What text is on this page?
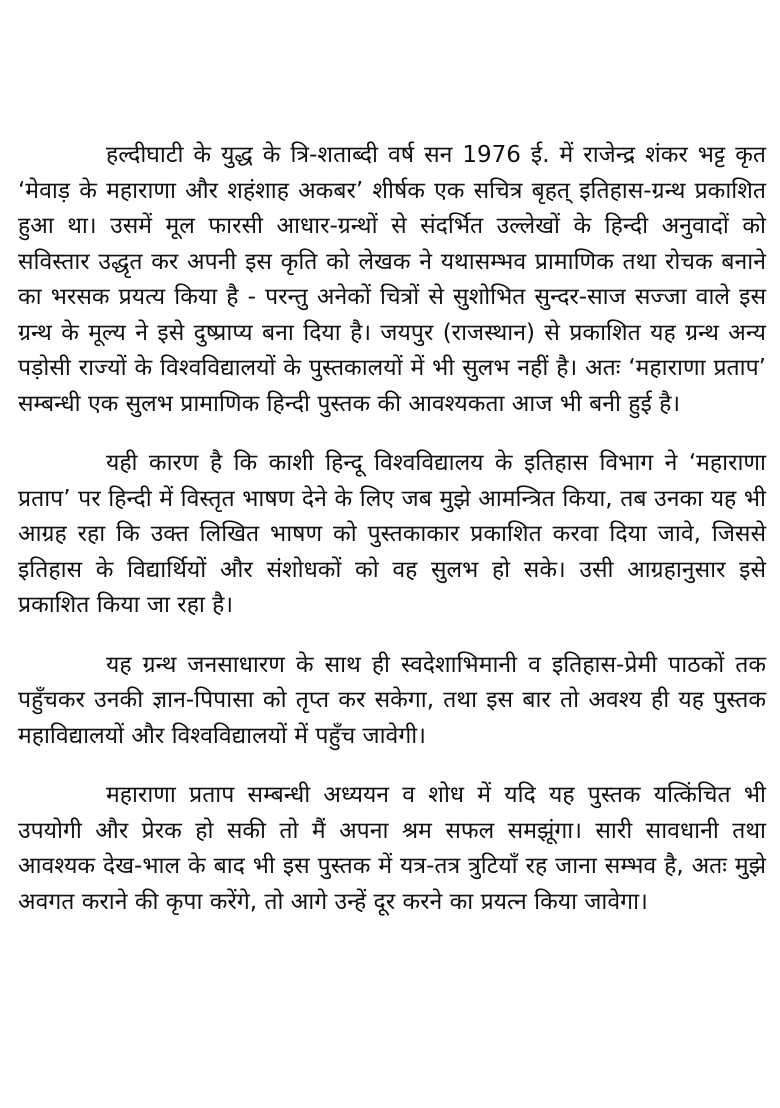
हल्दीघाटी के युद्ध के त्रि-शताब्दी वर्ष सन 1976 ई. में राजेन्द्र शंकर भट्ट कृत ‘मेवाड़ के महाराणा और शहंशाह अकबर’ शीर्षक एक सचित्र बृहत् इतिहास-ग्रन्थ प्रकाशित हुआ था। उसमें मूल फारसी आधार-ग्रन्थों से संदर्भित उल्लेखों के हिन्दी अनुवादों को सविस्तार उद्धृत कर अपनी इस कृति को लेखक ने यथासम्भव प्रामाणिक तथा रोचक बनाने का भरसक प्रयत्य किया है - परन्तु अनेकों चित्रों से सुशोभित सुन्दर-साज सज्जा वाले इस ग्रन्थ के मूल्य ने इसे दुष्प्राप्य बना दिया है। जयपुर (राजस्थान) से प्रकाशित यह ग्रन्थ अन्य पड़ोसी राज्यों के विश्वविद्यालयों के पुस्तकालयों में भी सुलभ नहीं है। अतः ‘महाराणा प्रताप’ सम्बन्धी एक सुलभ प्रामाणिक हिन्दी पुस्तक की आवश्यकता आज भी बनी हुई है।

यही कारण है कि काशी हिन्दू विश्वविद्यालय के इतिहास विभाग ने ‘महाराणा प्रताप’ पर हिन्दी में विस्तृत भाषण देने के लिए जब मुझे आमन्त्रित किया, तब उनका यह भी आग्रह रहा कि उक्त लिखित भाषण को पुस्तकाकार प्रकाशित करवा दिया जावे, जिससे इतिहास के विद्यार्थियों और संशोधकों को वह सुलभ हो सके। उसी आग्रहानुसार इसे प्रकाशित किया जा रहा है।

यह ग्रन्थ जनसाधारण के साथ ही स्वदेशाभिमानी व इतिहास-प्रेमी पाठकों तक पहुँचकर उनकी ज्ञान-पिपासा को तृप्त कर सकेगा, तथा इस बार तो अवश्य ही यह पुस्तक महाविद्यालयों और विश्वविद्यालयों में पहुँच जावेगी।

महाराणा प्रताप सम्बन्धी अध्ययन व शोध में यदि यह पुस्तक यत्किंचित भी उपयोगी और प्रेरक हो सकी तो मैं अपना श्रम सफल समझूंगा। सारी सावधानी तथा आवश्यक देख-भाल के बाद भी इस पुस्तक में यत्र-तत्र त्रुटियाँ रह जाना सम्भव है, अतः मुझे अवगत कराने की कृपा करेंगे, तो आगे उन्हें दूर करने का प्रयत्न किया जावेगा।
